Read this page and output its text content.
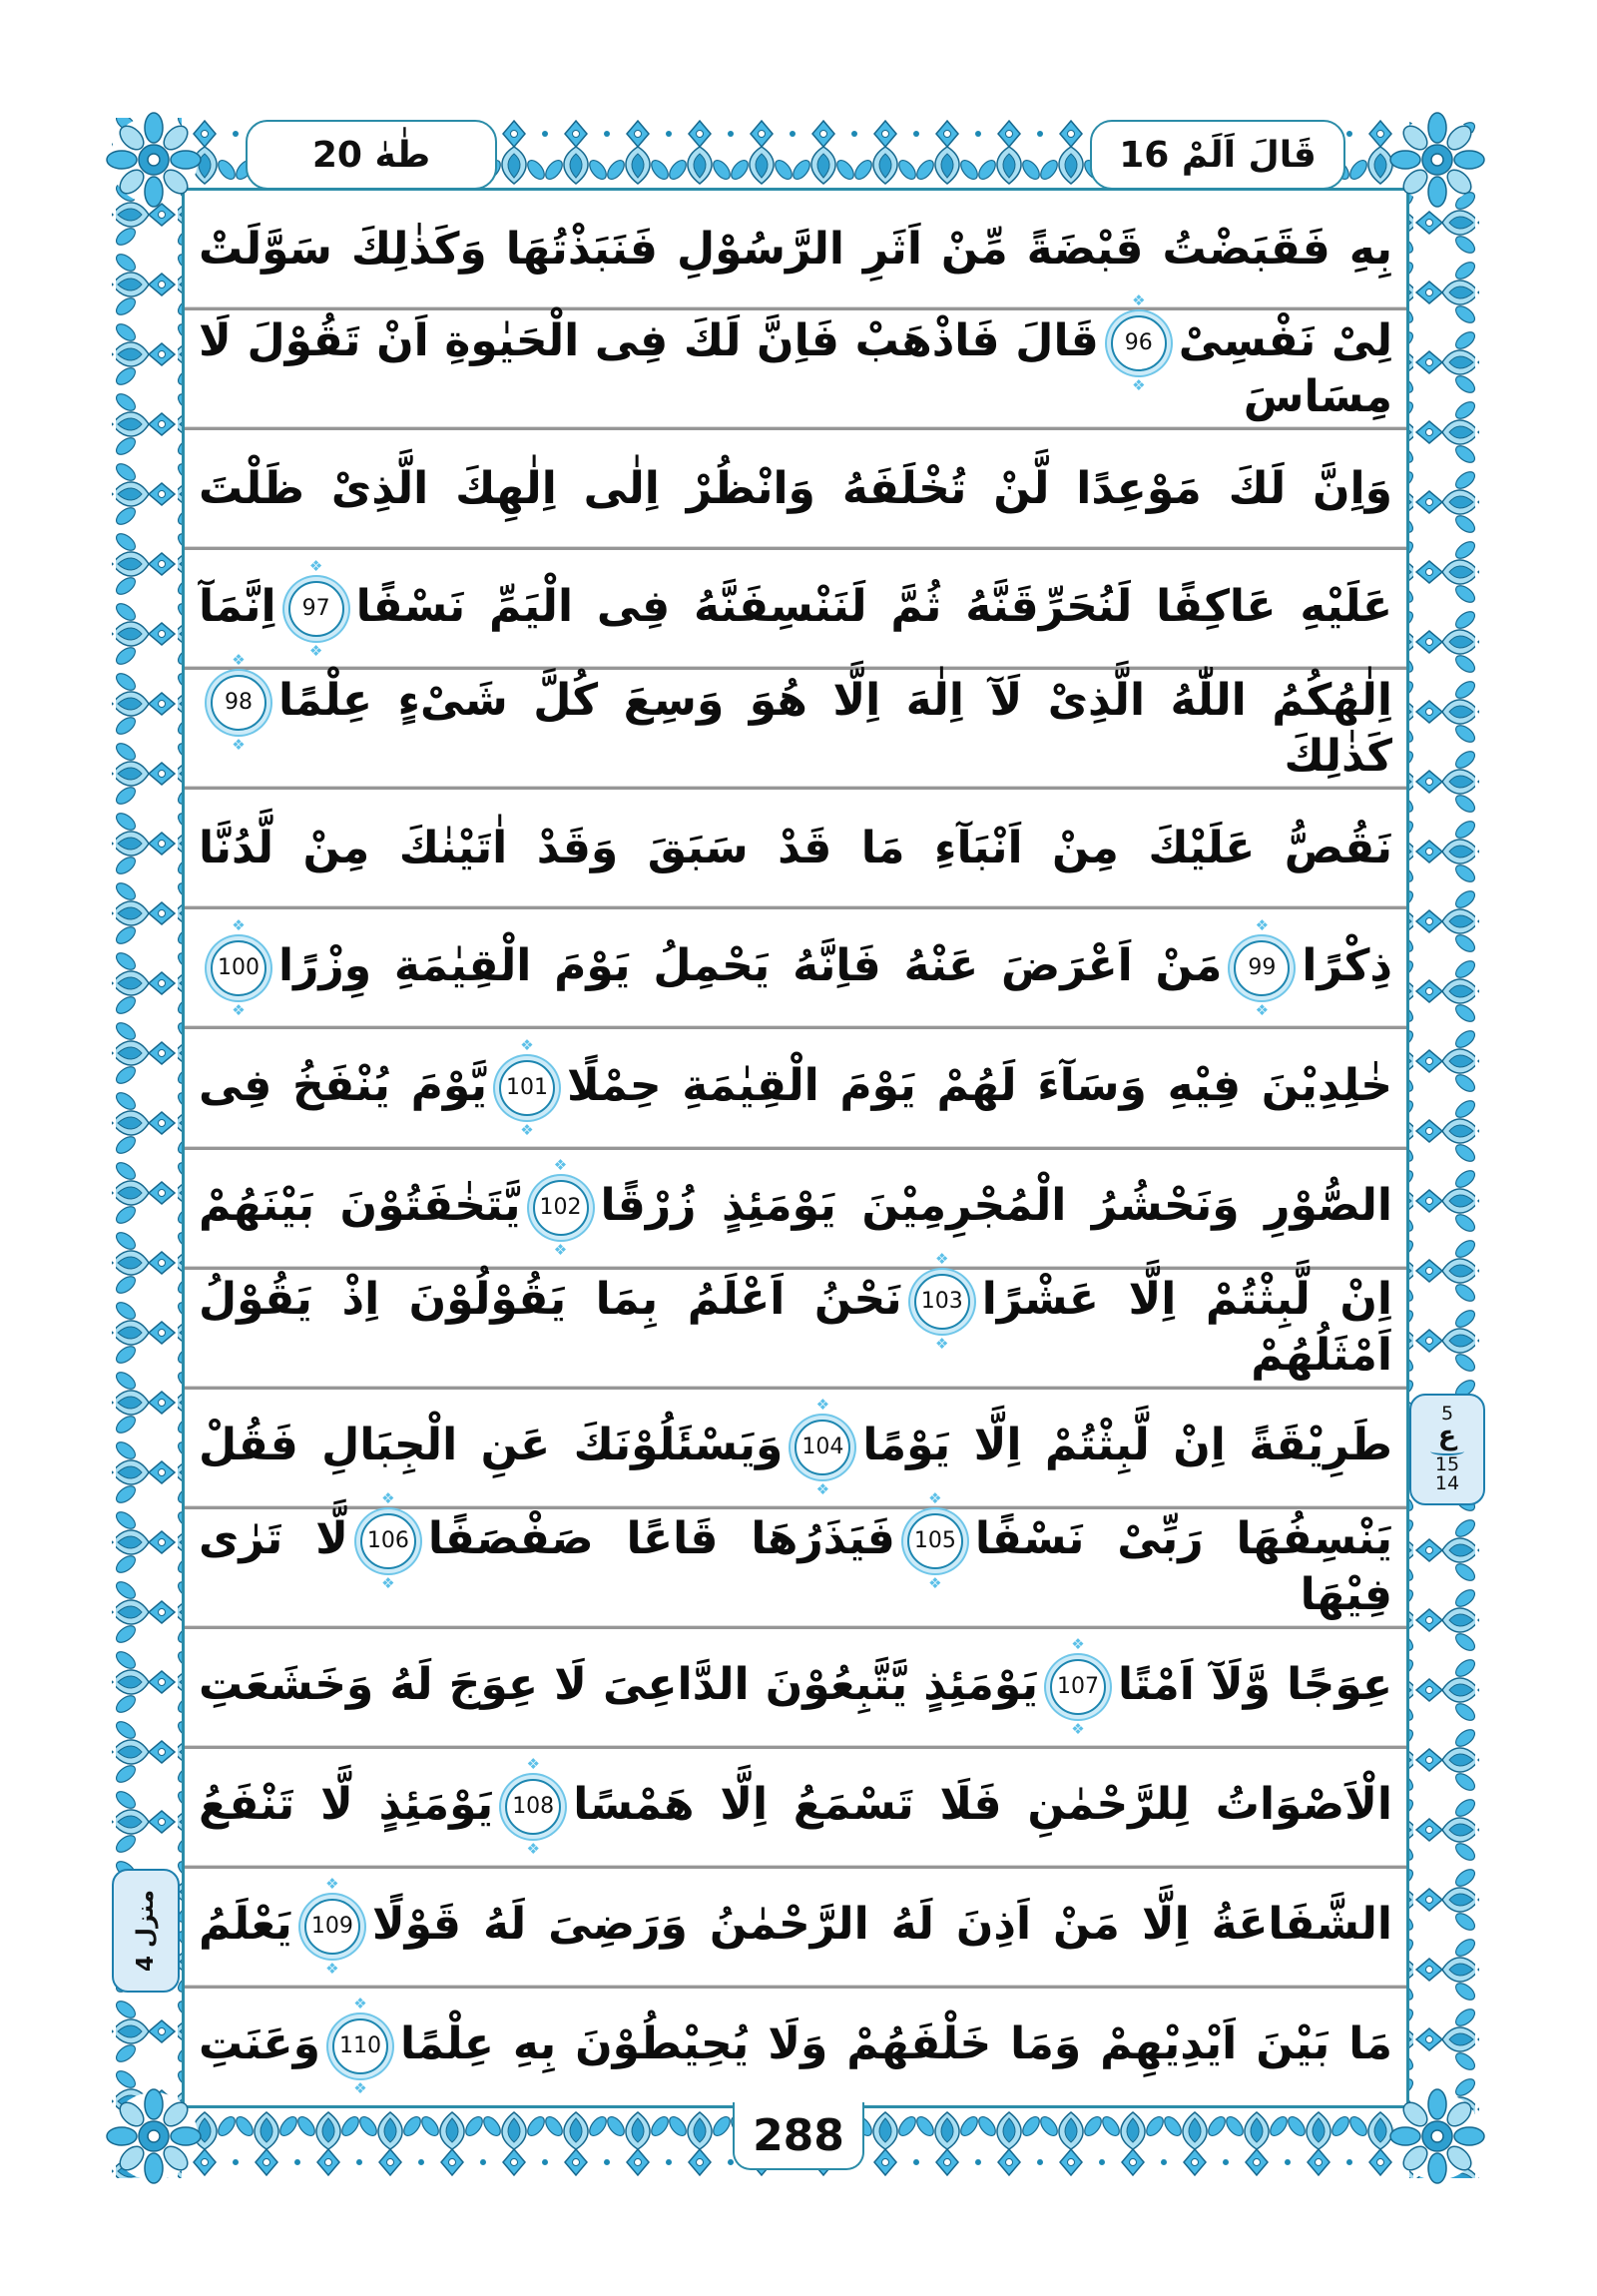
بِهِ فَقَبَضْتُ قَبْضَةً مِّنْ اَثَرِ الرَّسُوْلِ فَنَبَذْتُهَا وَكَذٰلِكَ سَوَّلَتْ
لِىْ نَفْسِىْ❖ 96 ❖قَالَ فَاذْهَبْ فَاِنَّ لَكَ فِى الْحَيٰوةِ اَنْ تَقُوْلَ لَا مِسَاسَ
وَاِنَّ لَكَ مَوْعِدًا لَّنْ تُخْلَفَهُ وَانْظُرْ اِلٰى اِلٰهِكَ الَّذِىْ ظَلْتَ
عَلَيْهِ عَاكِفًا لَنُحَرِّقَنَّهُ ثُمَّ لَنَنْسِفَنَّهُ فِى الْيَمِّ نَسْفًا❖ 97 ❖اِنَّمَآ
اِلٰهُكُمُ اللّٰهُ الَّذِىْ لَآ اِلٰهَ اِلَّا هُوَ وَسِعَ كُلَّ شَىْءٍ عِلْمًا❖ 98 ❖كَذٰلِكَ
نَقُصُّ عَلَيْكَ مِنْ اَنْبَآءِ مَا قَدْ سَبَقَ وَقَدْ اٰتَيْنٰكَ مِنْ لَّدُنَّا
ذِكْرًا❖ 99 ❖مَنْ اَعْرَضَ عَنْهُ فَاِنَّهُ يَحْمِلُ يَوْمَ الْقِيٰمَةِ وِزْرًا❖ 100 ❖
خٰلِدِيْنَ فِيْهِ وَسَآءَ لَهُمْ يَوْمَ الْقِيٰمَةِ حِمْلًا❖ 101 ❖يَّوْمَ يُنْفَخُ فِى
الصُّوْرِ وَنَحْشُرُ الْمُجْرِمِيْنَ يَوْمَئِذٍ زُرْقًا❖ 102 ❖يَّتَخٰفَتُوْنَ بَيْنَهُمْ
اِنْ لَّبِثْتُمْ اِلَّا عَشْرًا❖ 103 ❖نَحْنُ اَعْلَمُ بِمَا يَقُوْلُوْنَ اِذْ يَقُوْلُ اَمْثَلُهُمْ
طَرِيْقَةً اِنْ لَّبِثْتُمْ اِلَّا يَوْمًا❖ 104 ❖وَيَسْئَلُوْنَكَ عَنِ الْجِبَالِ فَقُلْ
يَنْسِفُهَا رَبِّىْ نَسْفًا❖ 105 ❖فَيَذَرُهَا قَاعًا صَفْصَفًا❖ 106 ❖لَّا تَرٰى فِيْهَا
عِوَجًا وَّلَآ اَمْتًا❖ 107 ❖يَوْمَئِذٍ يَّتَّبِعُوْنَ الدَّاعِىَ لَا عِوَجَ لَهُ وَخَشَعَتِ
الْاَصْوَاتُ لِلرَّحْمٰنِ فَلَا تَسْمَعُ اِلَّا هَمْسًا❖ 108 ❖يَوْمَئِذٍ لَّا تَنْفَعُ
الشَّفَاعَةُ اِلَّا مَنْ اَذِنَ لَهُ الرَّحْمٰنُ وَرَضِىَ لَهُ قَوْلًا❖ 109 ❖يَعْلَمُ
مَا بَيْنَ اَيْدِيْهِمْ وَمَا خَلْفَهُمْ وَلَا يُحِيْطُوْنَ بِهِ عِلْمًا❖ 110 ❖وَعَنَتِ
طٰهٰ 20	قَالَ اَلَمْ 16
5
ع
15
14
منزل 4
288
